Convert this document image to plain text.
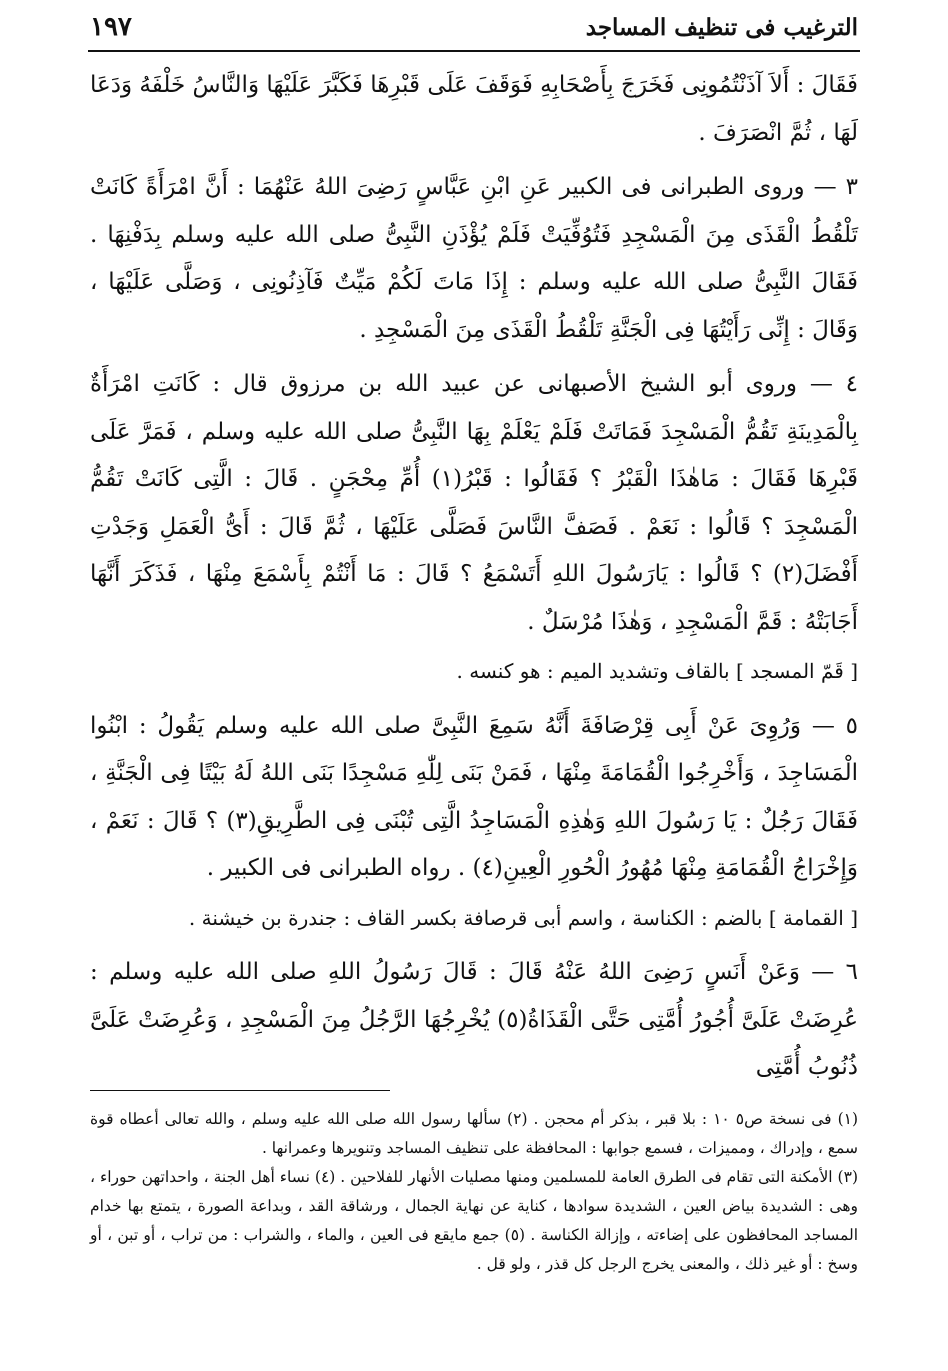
الترغيب فى تنظيف المساجد
١٩٧

فَقَالَ : أَلاَ آذَنْتُمُونِى فَخَرَجَ بِأَصْحَابِهِ فَوَقَفَ عَلَى قَبْرِهَا فَكَبَّرَ عَلَيْهَا وَالنَّاسُ خَلْفَهُ وَدَعَا لَهَا ، ثُمَّ انْصَرَفَ .

٣ — وروى الطبرانى فى الكبير عَنِ ابْنِ عَبَّاسٍ رَضِىَ اللهُ عَنْهُمَا : أَنَّ امْرَأَةً كَانَتْ تَلْقُطُ الْقَذَى مِنَ الْمَسْجِدِ فَتُوُفِّيَتْ فَلَمْ يُؤْذَنِ النَّبِىُّ صلى الله عليه وسلم بِدَفْنِهَا . فَقَالَ النَّبِىُّ صلى الله عليه وسلم : إِذَا مَاتَ لَكُمْ مَيِّتٌ فَآذِنُونِى ، وَصَلَّى عَلَيْهَا ، وَقَالَ : إِنِّى رَأَيْتُهَا فِى الْجَنَّةِ تَلْقُطُ الْقَذَى مِنَ الْمَسْجِدِ .

٤ — وروى أبو الشيخ الأصبهانى عن عبيد الله بن مرزوق قال : كَانَتِ امْرَأَةٌ بِالْمَدِينَةِ تَقُمُّ الْمَسْجِدَ فَمَاتَتْ فَلَمْ يَعْلَمْ بِهَا النَّبِىُّ صلى الله عليه وسلم ، فَمَرَّ عَلَى قَبْرِهَا فَقَالَ : مَاهٰذَا الْقَبْرُ ؟ فَقَالُوا : قَبْرُ(١) أُمِّ مِحْجَنٍ . قَالَ : الَّتِى كَانَتْ تَقُمُّ الْمَسْجِدَ ؟ قَالُوا : نَعَمْ . فَصَفَّ النَّاسَ فَصَلَّى عَلَيْهَا ، ثُمَّ قَالَ : أَىُّ الْعَمَلِ وَجَدْتِ أَفْضَلَ(٢) ؟ قَالُوا : يَارَسُولَ اللهِ أَتَسْمَعُ ؟ قَالَ : مَا أَنْتُمْ بِأَسْمَعَ مِنْهَا ، فَذَكَرَ أَنَّهَا أَجَابَتْهُ : قَمَّ الْمَسْجِدِ ، وَهٰذَا مُرْسَلٌ .

[ قَمّ المسجد ] بالقاف وتشديد الميم : هو كنسه .

٥ — وَرُوِىَ عَنْ أَبِى قِرْصَافَةَ أَنَّهُ سَمِعَ النَّبِىَّ صلى الله عليه وسلم يَقُولُ : ابْنُوا الْمَسَاجِدَ ، وَأَخْرِجُوا الْقُمَامَةَ مِنْهَا ، فَمَنْ بَنَى لِلّٰهِ مَسْجِدًا بَنَى اللهُ لَهُ بَيْتًا فِى الْجَنَّةِ ، فَقَالَ رَجُلٌ : يَا رَسُولَ اللهِ وَهٰذِهِ الْمَسَاجِدُ الَّتِى تُبْنَى فِى الطَّرِيقِ(٣) ؟ قَالَ : نَعَمْ ، وَإِخْرَاجُ الْقُمَامَةِ مِنْهَا مُهُورُ الْحُورِ الْعِينِ(٤) . رواه الطبرانى فى الكبير .

[ القمامة ] بالضم : الكناسة ، واسم أبى قرصافة بكسر القاف : جندرة بن خيشنة .

٦ — وَعَنْ أَنَسٍ رَضِىَ اللهُ عَنْهُ قَالَ : قَالَ رَسُولُ اللهِ صلى الله عليه وسلم : عُرِضَتْ عَلَىَّ أُجُورُ أُمَّتِى حَتَّى الْقَذَاةُ(٥) يُخْرِجُهَا الرَّجُلُ مِنَ الْمَسْجِدِ ، وَعُرِضَتْ عَلَىَّ ذُنُوبُ أُمَّتِى

(١) فى نسخة ص٥ ١٠ : بلا قبر ، بذكر أم محجن . (٢) سألها رسول الله صلى الله عليه وسلم ، والله تعالى أعطاه قوة سمع ، وإدراك ، ومميزات ، فسمع جوابها : المحافظة على تنظيف المساجد وتنويرها وعمرانها .

(٣) الأمكنة التى تقام فى الطرق العامة للمسلمين ومنها مصليات الأنهار للفلاحين . (٤) نساء أهل الجنة ، واحداتهن حوراء ، وهى : الشديدة بياض العين ، الشديدة سوادها ، كناية عن نهاية الجمال ، ورشاقة القد ، وبداعة الصورة ، يتمتع بها خدام المساجد المحافظون على إضاءته ، وإزالة الكناسة . (٥) جمع مايقع فى العين ، والماء ، والشراب : من تراب ، أو تبن ، أو وسخ : أو غير ذلك ، والمعنى يخرج الرجل كل قذر ، ولو قل .
